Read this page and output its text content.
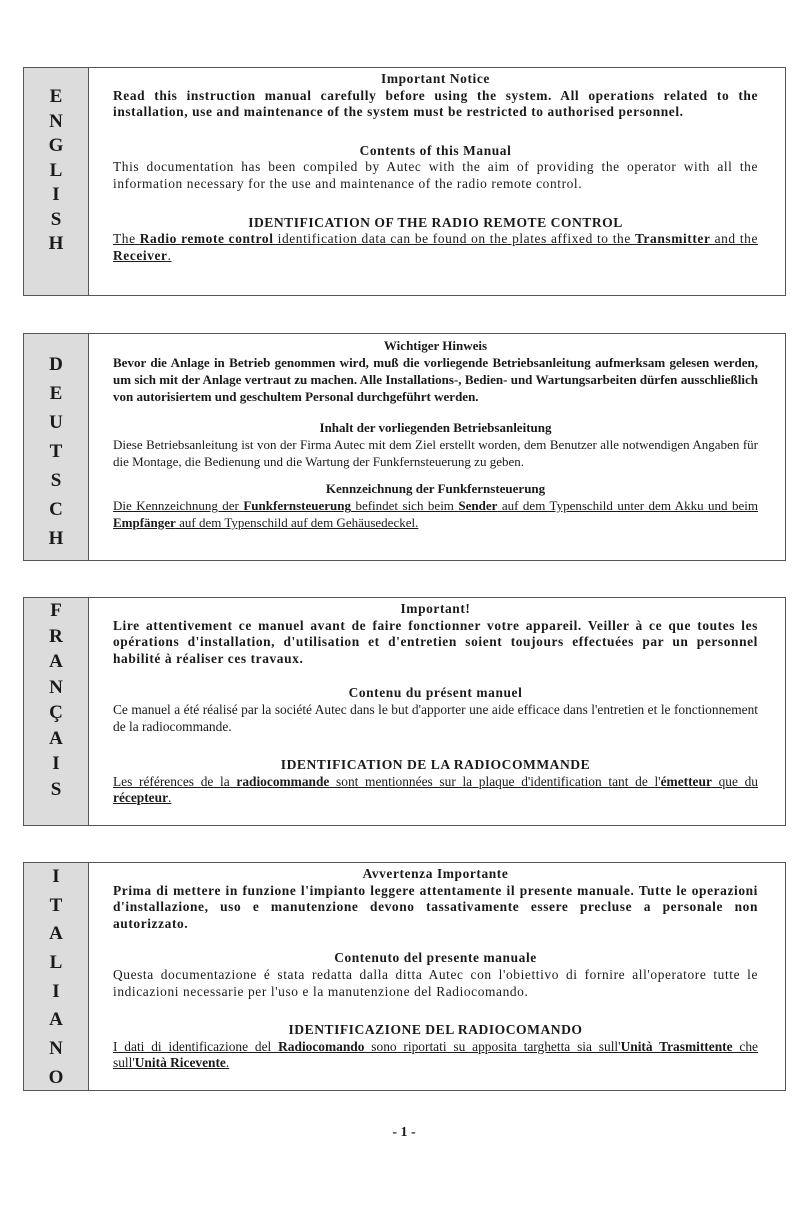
E
N
G
L
I
S
H

Important Notice

Read this instruction manual carefully before using the system. All operations related to the installation, use and maintenance of the system must be restricted to authorised personnel.

Contents of this Manual

This documentation has been compiled by Autec with the aim of providing the operator with all the information necessary for the use and maintenance of the radio remote control.

IDENTIFICATION OF THE RADIO REMOTE CONTROL

The Radio remote control identification data can be found on the plates affixed to the Transmitter and the Receiver.

D
E
U
T
S
C
H

Wichtiger Hinweis

Bevor die Anlage in Betrieb genommen wird, muß die vorliegende Betriebsanleitung aufmerksam gelesen werden, um sich mit der Anlage vertraut zu machen. Alle Installations-, Bedien- und Wartungsarbeiten dürfen ausschließlich von autorisiertem und geschultem Personal durchgeführt werden.

Inhalt der vorliegenden Betriebsanleitung

Diese Betriebsanleitung ist von der Firma Autec mit dem Ziel erstellt worden, dem Benutzer alle notwendigen Angaben für die Montage, die Bedienung und die Wartung der Funkfernsteuerung zu geben.

Kennzeichnung der Funkfernsteuerung

Die Kennzeichnung der Funkfernsteuerung befindet sich beim Sender auf dem Typenschild unter dem Akku und beim Empfänger auf dem Typenschild auf dem Gehäusedeckel.

F
R
A
N
Ç
A
I
S

Important!

Lire attentivement ce manuel avant de faire fonctionner votre appareil. Veiller à ce que toutes les opérations d'installation, d'utilisation et d'entretien soient toujours effectuées par un personnel habilité à réaliser ces travaux.

Contenu du présent manuel

Ce manuel a été réalisé par la société Autec dans le but d'apporter une aide efficace dans l'entretien et le fonctionnement de la radiocommande.

IDENTIFICATION DE LA RADIOCOMMANDE

Les références de la radiocommande sont mentionnées sur la plaque d'identification tant de l'émetteur que du récepteur.

I
T
A
L
I
A
N
O

Avvertenza Importante

Prima di mettere in funzione l'impianto leggere attentamente il presente manuale. Tutte le operazioni d'installazione, uso e manutenzione devono tassativamente essere precluse a personale non autorizzato.

Contenuto del presente manuale

Questa documentazione é stata redatta dalla ditta Autec con l'obiettivo di fornire all'operatore tutte le indicazioni necessarie per l'uso e la manutenzione del Radiocomando.

IDENTIFICAZIONE DEL RADIOCOMANDO

I dati di identificazione del Radiocomando sono riportati su apposita targhetta sia sull'Unità Trasmittente che sull'Unità Ricevente.

- 1 -
